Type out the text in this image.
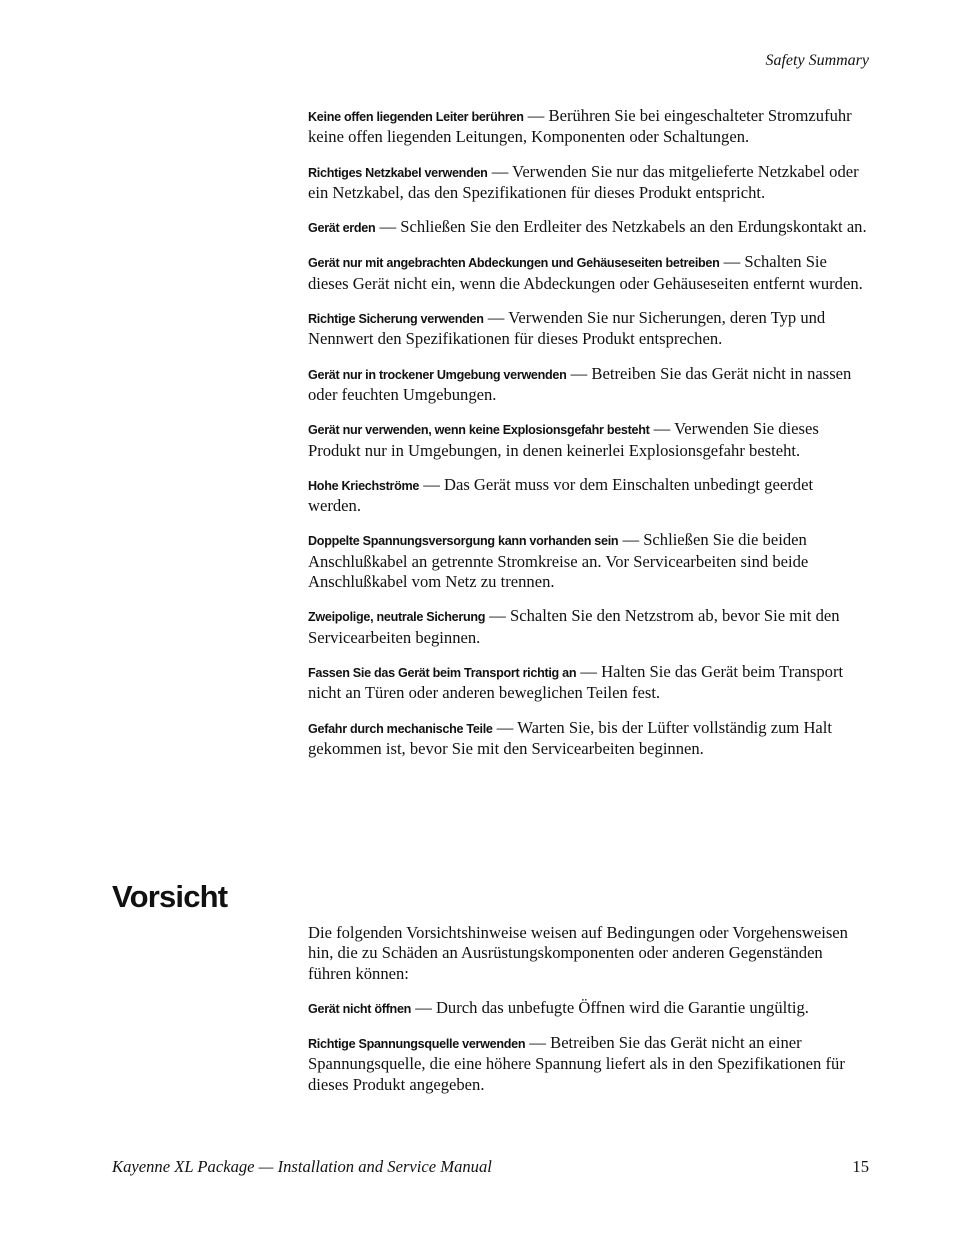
Safety Summary

Keine offen liegenden Leiter berühren — Berühren Sie bei eingeschalteter Stromzufuhr keine offen liegenden Leitungen, Komponenten oder Schaltungen.

Richtiges Netzkabel verwenden — Verwenden Sie nur das mitgelieferte Netzkabel oder ein Netzkabel, das den Spezifikationen für dieses Produkt entspricht.

Gerät erden — Schließen Sie den Erdleiter des Netzkabels an den Erdungskontakt an.

Gerät nur mit angebrachten Abdeckungen und Gehäuseseiten betreiben — Schalten Sie dieses Gerät nicht ein, wenn die Abdeckungen oder Gehäuseseiten entfernt wurden.

Richtige Sicherung verwenden — Verwenden Sie nur Sicherungen, deren Typ und Nennwert den Spezifikationen für dieses Produkt entsprechen.

Gerät nur in trockener Umgebung verwenden — Betreiben Sie das Gerät nicht in nassen oder feuchten Umgebungen.

Gerät nur verwenden, wenn keine Explosionsgefahr besteht — Verwenden Sie dieses Produkt nur in Umgebungen, in denen keinerlei Explosionsgefahr besteht.

Hohe Kriechströme — Das Gerät muss vor dem Einschalten unbedingt geerdet werden.

Doppelte Spannungsversorgung kann vorhanden sein — Schließen Sie die beiden Anschlußkabel an getrennte Stromkreise an. Vor Servicearbeiten sind beide Anschlußkabel vom Netz zu trennen.

Zweipolige, neutrale Sicherung — Schalten Sie den Netzstrom ab, bevor Sie mit den Servicearbeiten beginnen.

Fassen Sie das Gerät beim Transport richtig an — Halten Sie das Gerät beim Transport nicht an Türen oder anderen beweglichen Teilen fest.

Gefahr durch mechanische Teile — Warten Sie, bis der Lüfter vollständig zum Halt gekommen ist, bevor Sie mit den Servicearbeiten beginnen.

Vorsicht

Die folgenden Vorsichtshinweise weisen auf Bedingungen oder Vorgehensweisen hin, die zu Schäden an Ausrüstungskomponenten oder anderen Gegenständen führen können:

Gerät nicht öffnen — Durch das unbefugte Öffnen wird die Garantie ungültig.

Richtige Spannungsquelle verwenden — Betreiben Sie das Gerät nicht an einer Spannungsquelle, die eine höhere Spannung liefert als in den Spezifikationen für dieses Produkt angegeben.

Kayenne XL Package — Installation and Service Manual	15
